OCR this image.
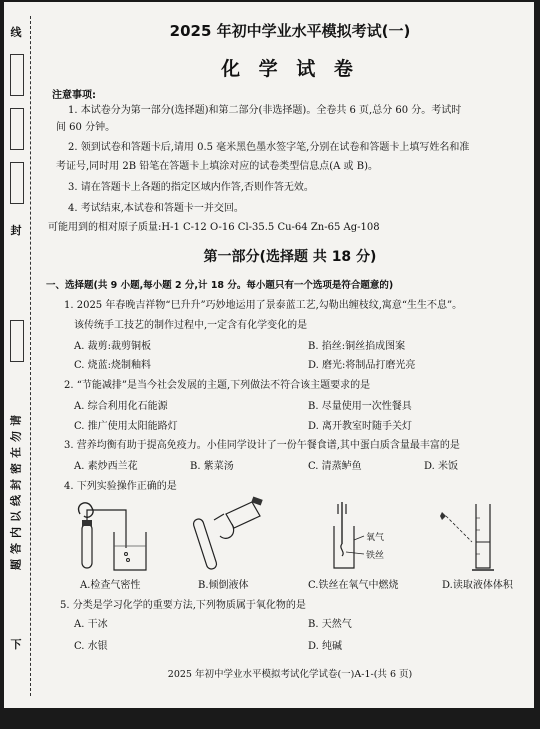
线
封
请
勿
在
密
封
线
以
内
答
题
下
2025 年初中学业水平模拟考试(一)
化 学 试 卷
注意事项:
1. 本试卷分为第一部分(选择题)和第二部分(非选择题)。全卷共 6 页,总分 60 分。考试时
间 60 分钟。
2. 领到试卷和答题卡后,请用 0.5 毫米黑色墨水签字笔,分别在试卷和答题卡上填写姓名和准
考证号,同时用 2B 铅笔在答题卡上填涂对应的试卷类型信息点(A 或 B)。
3. 请在答题卡上各题的指定区域内作答,否则作答无效。
4. 考试结束,本试卷和答题卡一并交回。
可能用到的相对原子质量:H-1 C-12 O-16 Cl-35.5 Cu-64 Zn-65 Ag-108
第一部分(选择题 共 18 分)
一、选择题(共 9 小题,每小题 2 分,计 18 分。每小题只有一个选项是符合题意的)
1. 2025 年春晚吉祥物“巳升升”巧妙地运用了景泰蓝工艺,勾勒出缠枝纹,寓意“生生不息”。
该传统手工技艺的制作过程中,一定含有化学变化的是
A. 裁剪:裁剪铜板	B. 掐丝:铜丝掐成图案
C. 烧蓝:烧制釉料	D. 磨光:将制品打磨光亮
2. “节能减排”是当今社会发展的主题,下列做法不符合该主题要求的是
A. 综合利用化石能源	B. 尽量使用一次性餐具
C. 推广使用太阳能路灯	D. 离开教室时随手关灯
3. 营养均衡有助于提高免疫力。小佳同学设计了一份午餐食谱,其中蛋白质含量最丰富的是
A. 素炒西兰花	B. 紫菜汤	C. 清蒸鲈鱼	D. 米饭
4. 下列实验操作正确的是
氧气
铁丝
A.检查气密性	B.倾倒液体	C.铁丝在氧气中燃烧	D.读取液体体积
5. 分类是学习化学的重要方法,下列物质属于氧化物的是
A. 干冰	B. 天然气
C. 水银	D. 纯碱
2025 年初中学业水平模拟考试化学试卷(一)A-1-(共 6 页)
